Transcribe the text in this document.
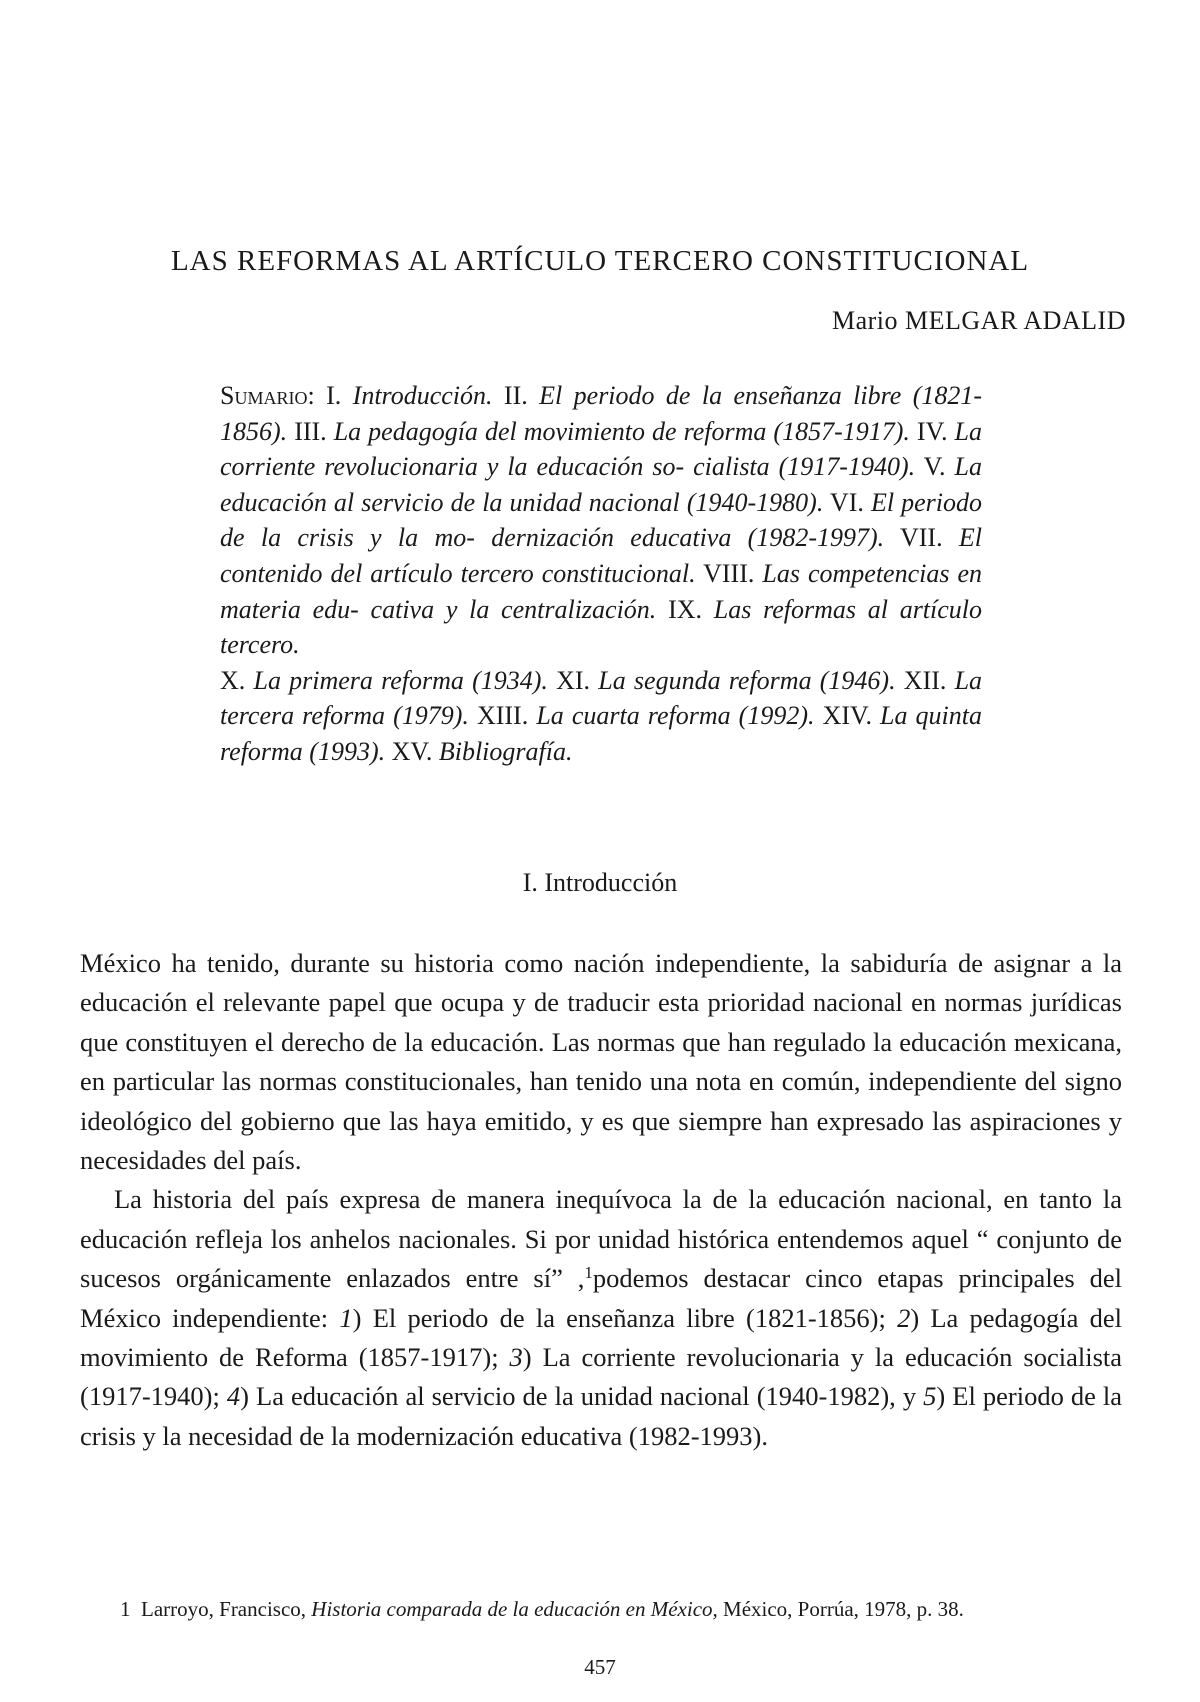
LAS REFORMAS AL ARTÍCULO TERCERO CONSTITUCIONAL

Mario MELGAR ADALID

Sumario: I. Introducción. II. El periodo de la enseñanza libre (1821-1856). III. La pedagogía del movimiento de reforma (1857-1917). IV. La corriente revolucionaria y la educación so- cialista (1917-1940). V. La educación al servicio de la unidad nacional (1940-1980). VI. El periodo de la crisis y la mo- dernización educativa (1982-1997). VII. El contenido del artículo tercero constitucional. VIII. Las competencias en materia edu- cativa y la centralización. IX. Las reformas al artículo tercero.
X. La primera reforma (1934). XI. La segunda reforma (1946). XII. La tercera reforma (1979). XIII. La cuarta reforma (1992). XIV. La quinta reforma (1993). XV. Bibliografía.

I. Introducción

México ha tenido, durante su historia como nación independiente, la sabiduría de asignar a la educación el relevante papel que ocupa y de traducir esta prioridad nacional en normas jurídicas que constituyen el derecho de la educación. Las normas que han regulado la educación mexicana, en particular las normas constitucionales, han tenido una nota en común, independiente del signo ideológico del gobierno que las haya emitido, y es que siempre han expresado las aspiraciones y necesidades del país.

La historia del país expresa de manera inequívoca la de la educación nacional, en tanto la educación refleja los anhelos nacionales. Si por unidad histórica entendemos aquel “ conjunto de sucesos orgánicamente enlazados entre sí” ,$^1$podemos destacar cinco etapas principales del México independiente: 1) El periodo de la enseñanza libre (1821-1856); 2) La pedagogía del movimiento de Reforma (1857-1917); 3) La corriente revolucionaria y la educación socialista (1917-1940); 4) La educación al servicio de la unidad nacional (1940-1982), y 5) El periodo de la crisis y la necesidad de la modernización educativa (1982-1993).

1 Larroyo, Francisco, Historia comparada de la educación en México, México, Porrúa, 1978, p. 38.

457
